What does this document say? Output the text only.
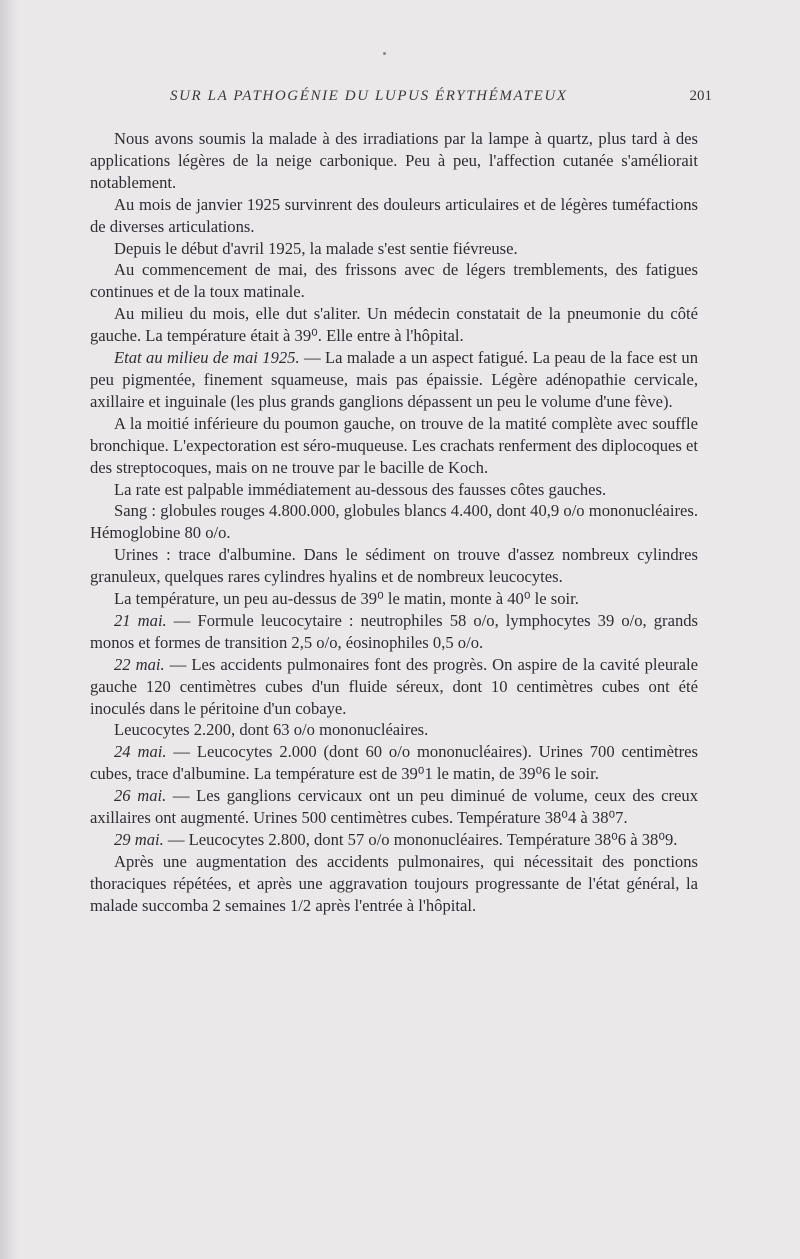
SUR LA PATHOGÉNIE DU LUPUS ÉRYTHÉMATEUX	201

Nous avons soumis la malade à des irradiations par la lampe à quartz, plus tard à des applications légères de la neige carbonique. Peu à peu, l'affection cutanée s'améliorait notablement.

Au mois de janvier 1925 survinrent des douleurs articulaires et de légères tuméfactions de diverses articulations.

Depuis le début d'avril 1925, la malade s'est sentie fiévreuse.

Au commencement de mai, des frissons avec de légers tremblements, des fatigues continues et de la toux matinale.

Au milieu du mois, elle dut s'aliter. Un médecin constatait de la pneumonie du côté gauche. La température était à 39⁰. Elle entre à l'hôpital.

Etat au milieu de mai 1925. — La malade a un aspect fatigué. La peau de la face est un peu pigmentée, finement squameuse, mais pas épaissie. Légère adénopathie cervicale, axillaire et inguinale (les plus grands ganglions dépassent un peu le volume d'une fève).

A la moitié inférieure du poumon gauche, on trouve de la matité complète avec souffle bronchique. L'expectoration est séro-muqueuse. Les crachats renferment des diplocoques et des streptocoques, mais on ne trouve par le bacille de Koch.

La rate est palpable immédiatement au-dessous des fausses côtes gauches.

Sang : globules rouges 4.800.000, globules blancs 4.400, dont 40,9 o/o mononucléaires. Hémoglobine 80 o/o.

Urines : trace d'albumine. Dans le sédiment on trouve d'assez nombreux cylindres granuleux, quelques rares cylindres hyalins et de nombreux leucocytes.

La température, un peu au-dessus de 39⁰ le matin, monte à 40⁰ le soir.

21 mai. — Formule leucocytaire : neutrophiles 58 o/o, lymphocytes 39 o/o, grands monos et formes de transition 2,5 o/o, éosinophiles 0,5 o/o.

22 mai. — Les accidents pulmonaires font des progrès. On aspire de la cavité pleurale gauche 120 centimètres cubes d'un fluide séreux, dont 10 centimètres cubes ont été inoculés dans le péritoine d'un cobaye.

Leucocytes 2.200, dont 63 o/o mononucléaires.

24 mai. — Leucocytes 2.000 (dont 60 o/o mononucléaires). Urines 700 centimètres cubes, trace d'albumine. La température est de 39⁰1 le matin, de 39⁰6 le soir.

26 mai. — Les ganglions cervicaux ont un peu diminué de volume, ceux des creux axillaires ont augmenté. Urines 500 centimètres cubes. Température 38⁰4 à 38⁰7.

29 mai. — Leucocytes 2.800, dont 57 o/o mononucléaires. Température 38⁰6 à 38⁰9.

Après une augmentation des accidents pulmonaires, qui nécessitait des ponctions thoraciques répétées, et après une aggravation toujours progressante de l'état général, la malade succomba 2 semaines 1/2 après l'entrée à l'hôpital.
